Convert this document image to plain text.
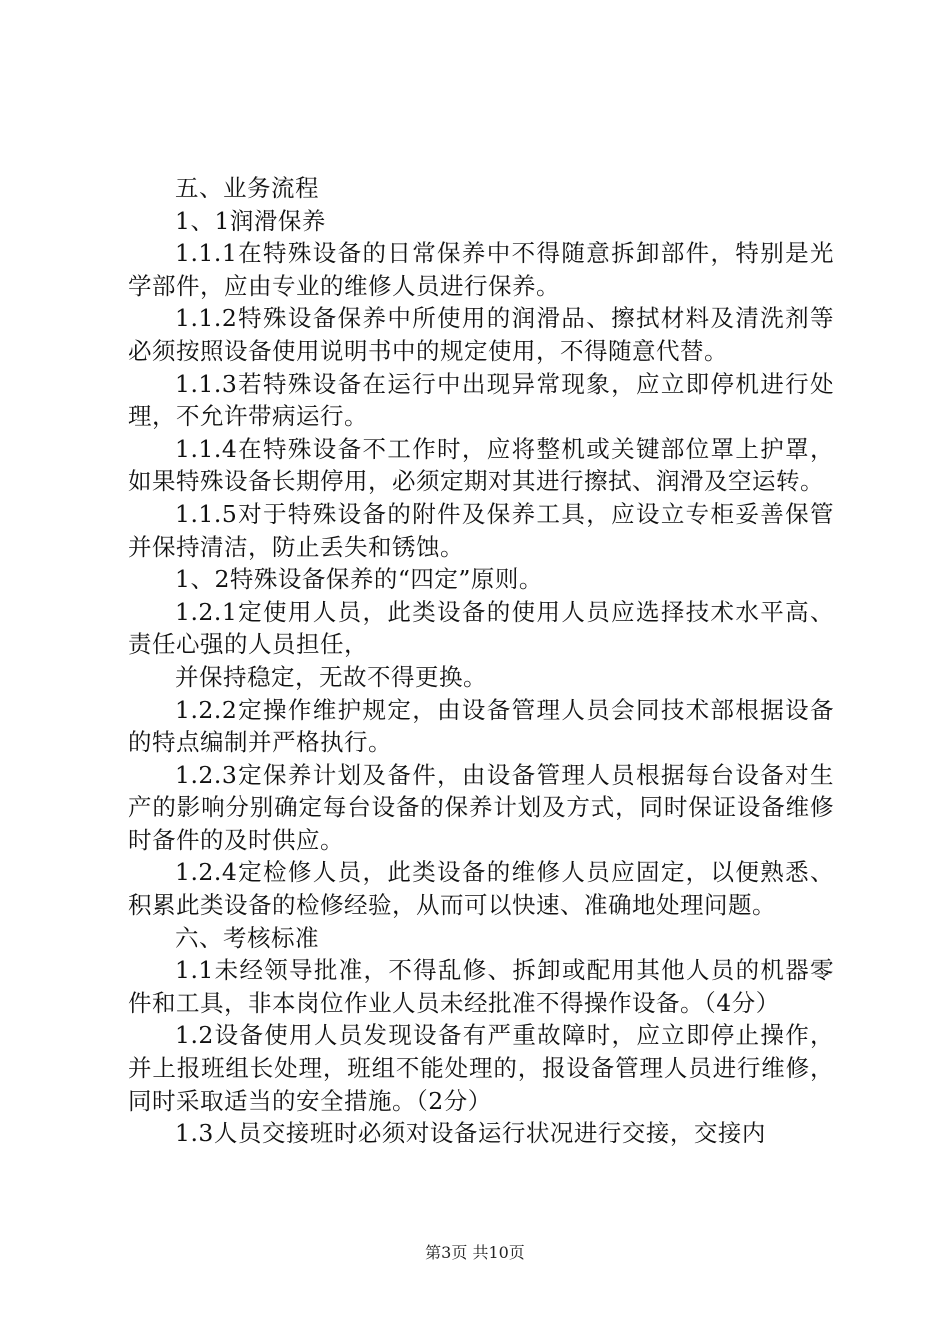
五、业务流程

1、1润滑保养

1.1.1在特殊设备的日常保养中不得随意拆卸部件，特别是光学部件，应由专业的维修人员进行保养。

1.1.2特殊设备保养中所使用的润滑品、擦拭材料及清洗剂等必须按照设备使用说明书中的规定使用，不得随意代替。

1.1.3若特殊设备在运行中出现异常现象，应立即停机进行处理，不允许带病运行。

1.1.4在特殊设备不工作时，应将整机或关键部位罩上护罩，如果特殊设备长期停用，必须定期对其进行擦拭、润滑及空运转。

1.1.5对于特殊设备的附件及保养工具，应设立专柜妥善保管并保持清洁，防止丢失和锈蚀。

1、2特殊设备保养的“四定”原则。

1.2.1定使用人员，此类设备的使用人员应选择技术水平高、责任心强的人员担任，

并保持稳定，无故不得更换。

1.2.2定操作维护规定，由设备管理人员会同技术部根据设备的特点编制并严格执行。

1.2.3定保养计划及备件，由设备管理人员根据每台设备对生产的影响分别确定每台设备的保养计划及方式，同时保证设备维修时备件的及时供应。

1.2.4定检修人员，此类设备的维修人员应固定，以便熟悉、积累此类设备的检修经验，从而可以快速、准确地处理问题。

六、考核标准

1.1未经领导批准，不得乱修、拆卸或配用其他人员的机器零件和工具，非本岗位作业人员未经批准不得操作设备。（4分）

1.2设备使用人员发现设备有严重故障时，应立即停止操作，并上报班组长处理，班组不能处理的，报设备管理人员进行维修，同时采取适当的安全措施。（2分）

1.3人员交接班时必须对设备运行状况进行交接，交接内

第3页 共10页
